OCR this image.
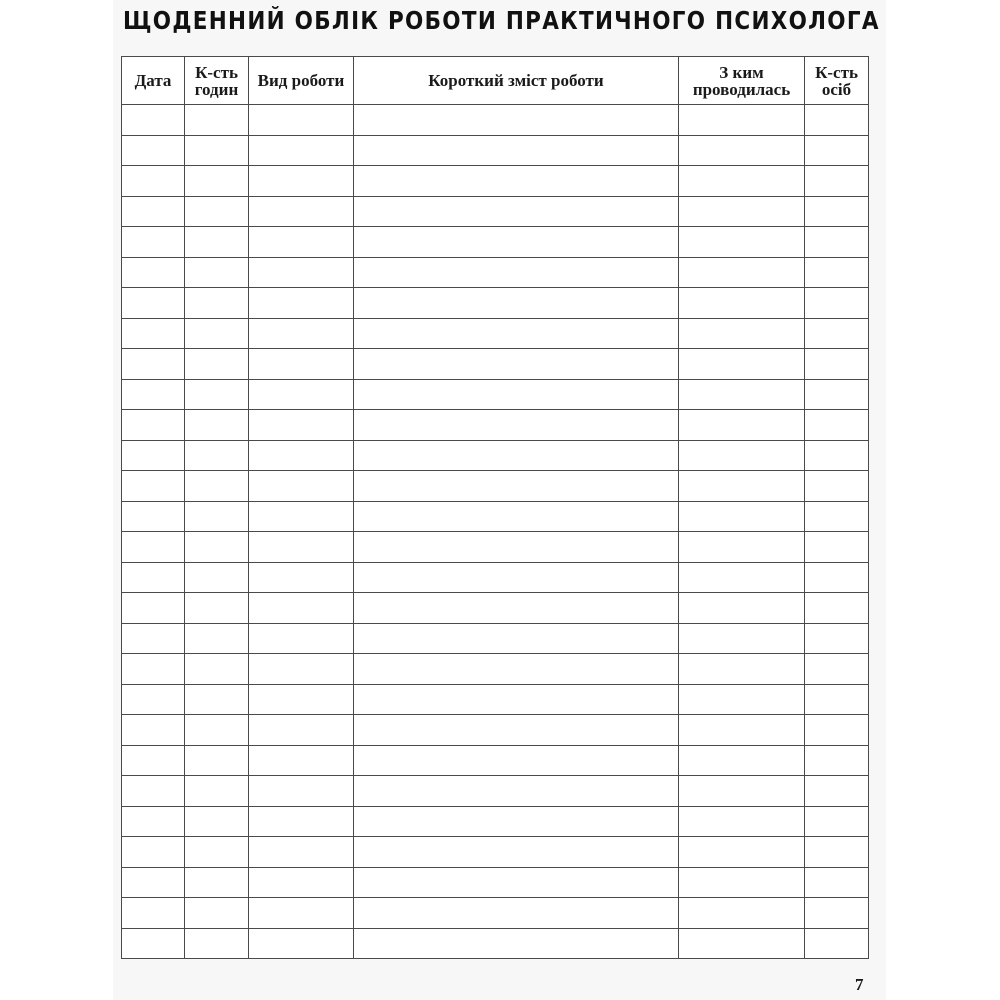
ЩОДЕННИЙ ОБЛІК РОБОТИ ПРАКТИЧНОГО ПСИХОЛОГА
Дата	К-сть годин	Вид роботи	Короткий зміст роботи	З ким проводилась	К-сть осіб

7
